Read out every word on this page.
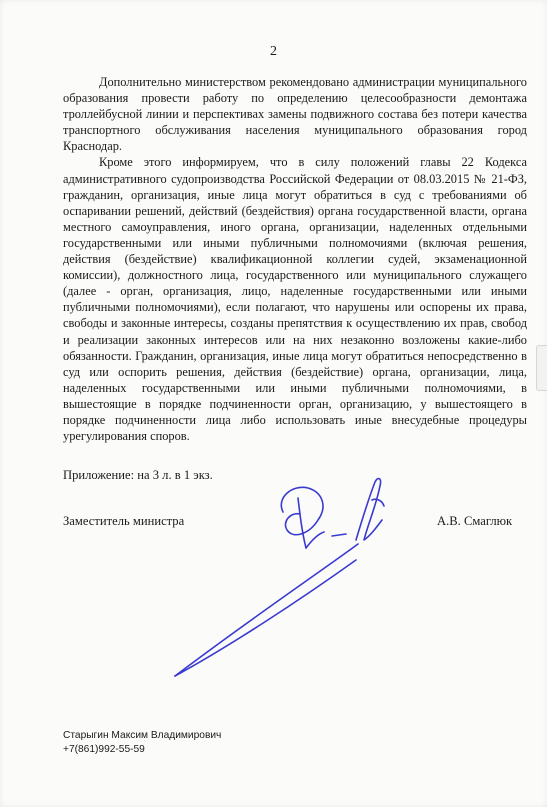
2

Дополнительно министерством рекомендовано администрации муниципального образования провести работу по определению целесообразности демонтажа троллейбусной линии и перспективах замены подвижного состава без потери качества транспортного обслуживания населения муниципального образования город Краснодар.

Кроме этого информируем, что в силу положений главы 22 Кодекса административного судопроизводства Российской Федерации от 08.03.2015 № 21-ФЗ, гражданин, организация, иные лица могут обратиться в суд с требованиями об оспаривании решений, действий (бездействия) органа государственной власти, органа местного самоуправления, иного органа, организации, наделенных отдельными государственными или иными публичными полномочиями (включая решения, действия (бездействие) квалификационной коллегии судей, экзаменационной комиссии), должностного лица, государственного или муниципального служащего (далее - орган, организация, лицо, наделенные государственными или иными публичными полномочиями), если полагают, что нарушены или оспорены их права, свободы и законные интересы, созданы препятствия к осуществлению их прав, свобод и реализации законных интересов или на них незаконно возложены какие-либо обязанности. Гражданин, организация, иные лица могут обратиться непосредственно в суд или оспорить решения, действия (бездействие) органа, организации, лица, наделенных государственными или иными публичными полномочиями, в вышестоящие в порядке подчиненности орган, организацию, у вышестоящего в порядке подчиненности лица либо использовать иные внесудебные процедуры урегулирования споров.

Приложение: на 3 л. в 1 экз.
Заместитель министра	А.В. Смаглюк
Старыгин Максим Владимирович
+7(861)992-55-59
